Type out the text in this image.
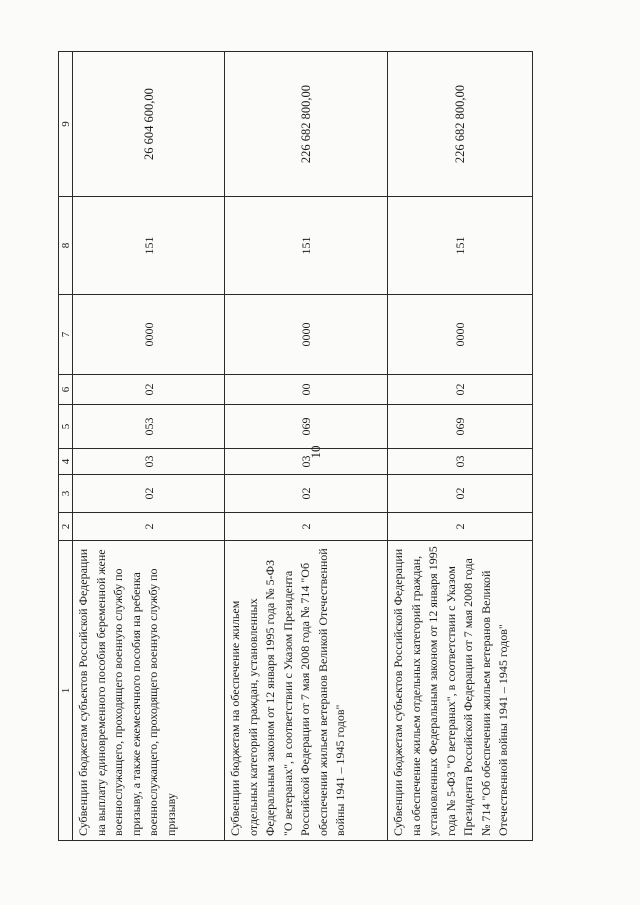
10
1	2	3	4	5	6	7	8	9
Субвенции бюджетам субъектов Российской Федерации на выплату единовременного пособия беременной жене военнослужащего, проходящего военную службу по призыву, а также ежемесячного пособия на ребенка военнослужащего, проходящего военную службу по призыву	2	02	03	053	02	0000	151	26 604 600,00
Субвенции бюджетам на обеспечение жильем отдельных категорий граждан, установленных Федеральным законом от 12 января 1995 года № 5-ФЗ "О ветеранах", в соответствии с Указом Президента Российской Федерации от 7 мая 2008 года № 714 "Об обеспечении жильем ветеранов Великой Отечественной войны 1941 – 1945 годов"	2	02	03	069	00	0000	151	226 682 800,00
Субвенции бюджетам субъектов Российской Федерации на обеспечение жильем отдельных категорий граждан, установленных Федеральным законом от 12 января 1995 года № 5-ФЗ "О ветеранах", в соответствии с Указом Президента Российской Федерации от 7 мая 2008 года № 714 "Об обеспечении жильем ветеранов Великой Отечественной войны 1941 – 1945 годов"	2	02	03	069	02	0000	151	226 682 800,00
